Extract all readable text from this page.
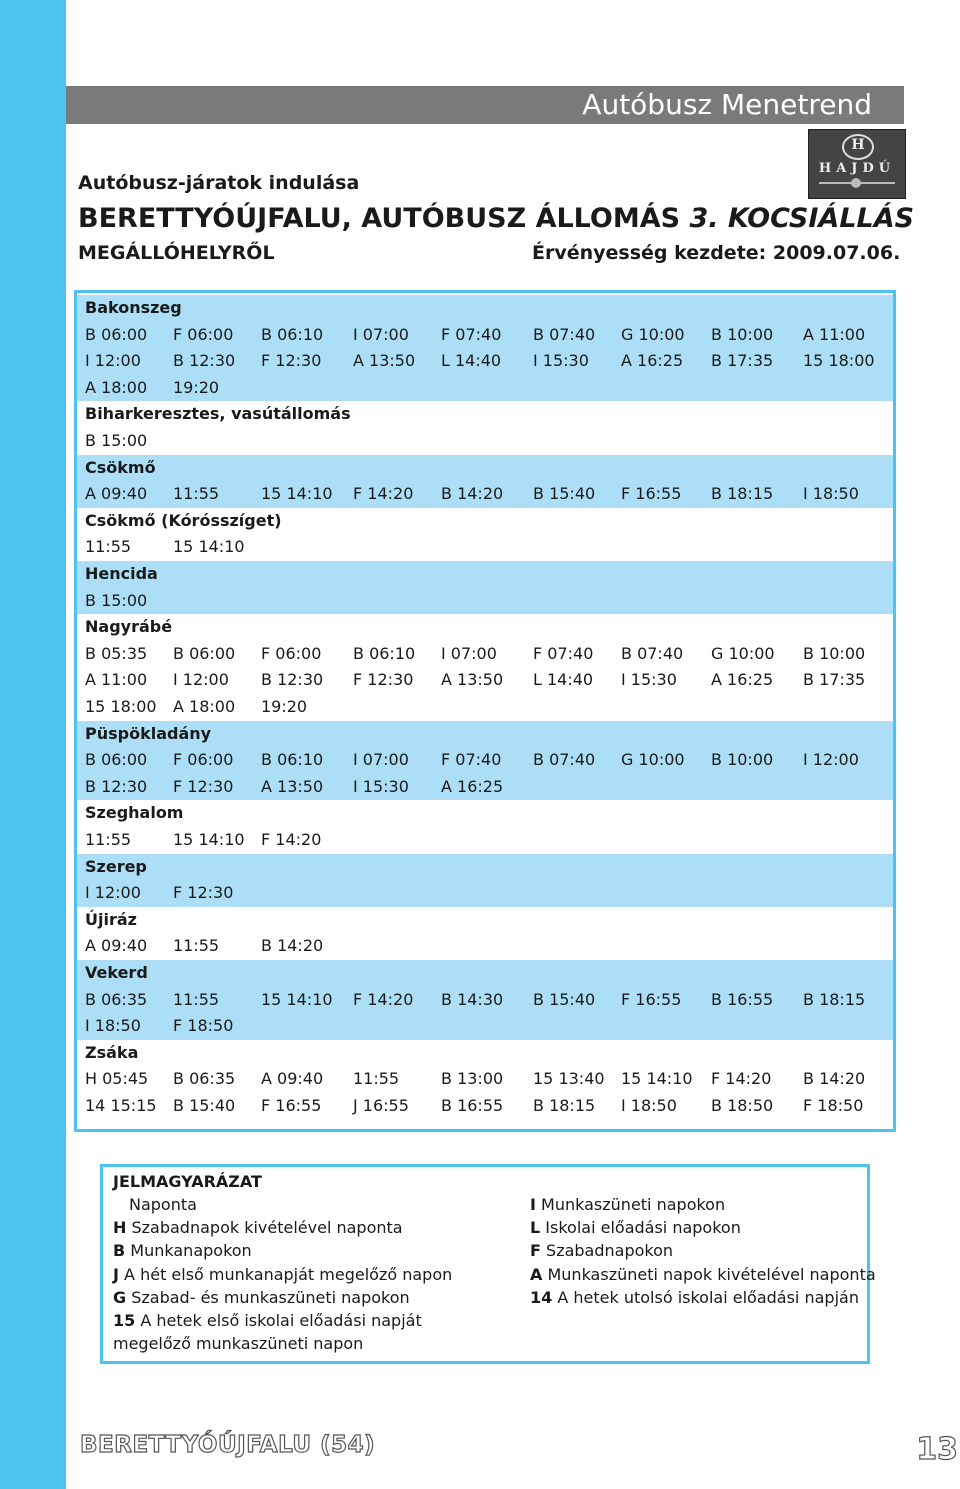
Autóbusz Menetrend
H
HAJDÚ
Autóbusz-járatok indulása
BERETTYÓÚJFALU, AUTÓBUSZ ÁLLOMÁS 3. KOCSIÁLLÁS
MEGÁLLÓHELYRŐL	Érvényesség kezdete: 2009.07.06.
Bakonszeg
B 06:00 F 06:00 B 06:10 I 07:00 F 07:40 B 07:40 G 10:00 B 10:00 A 11:00
I 12:00 B 12:30 F 12:30 A 13:50 L 14:40 I 15:30 A 16:25 B 17:35 15 18:00
A 18:00 19:20
Biharkeresztes, vasútállomás
B 15:00
Csökmő
A 09:40 11:55	15 14:10 F 14:20 B 14:20 B 15:40 F 16:55 B 18:15 I 18:50
Csökmő (Kórósszíget)
11:55	15 14:10
Hencida
B 15:00
Nagyrábé
B 05:35 B 06:00 F 06:00 B 06:10 I 07:00 F 07:40 B 07:40 G 10:00 B 10:00
A 11:00 I 12:00 B 12:30 F 12:30 A 13:50 L 14:40 I 15:30 A 16:25 B 17:35
15 18:00 A 18:00 19:20
Püspökladány
B 06:00 F 06:00 B 06:10 I 07:00 F 07:40 B 07:40 G 10:00 B 10:00 I 12:00
B 12:30 F 12:30 A 13:50 I 15:30 A 16:25
Szeghalom
11:55	15 14:10 F 14:20
Szerep
I 12:00 F 12:30
Újiráz
A 09:40 11:55	B 14:20
Vekerd
B 06:35 11:55	15 14:10 F 14:20 B 14:30 B 15:40 F 16:55 B 16:55 B 18:15
I 18:50 F 18:50
Zsáka
H 05:45 B 06:35 A 09:40 11:55	B 13:00 15 13:40 15 14:10 F 14:20 B 14:20
14 15:15 B 15:40 F 16:55 J 16:55 B 16:55 B 18:15 I 18:50 B 18:50 F 18:50
JELMAGYARÁZAT
Naponta
H Szabadnapok kivételével naponta
B Munkanapokon
J A hét első munkanapját megelőző napon
G Szabad- és munkaszüneti napokon
15 A hetek első iskolai előadási napját
megelőző munkaszüneti napon
I Munkaszüneti napokon
L Iskolai előadási napokon
F Szabadnapokon
A Munkaszüneti napok kivételével naponta
14 A hetek utolsó iskolai előadási napján
BERETTYÓÚJFALU (54)	13
